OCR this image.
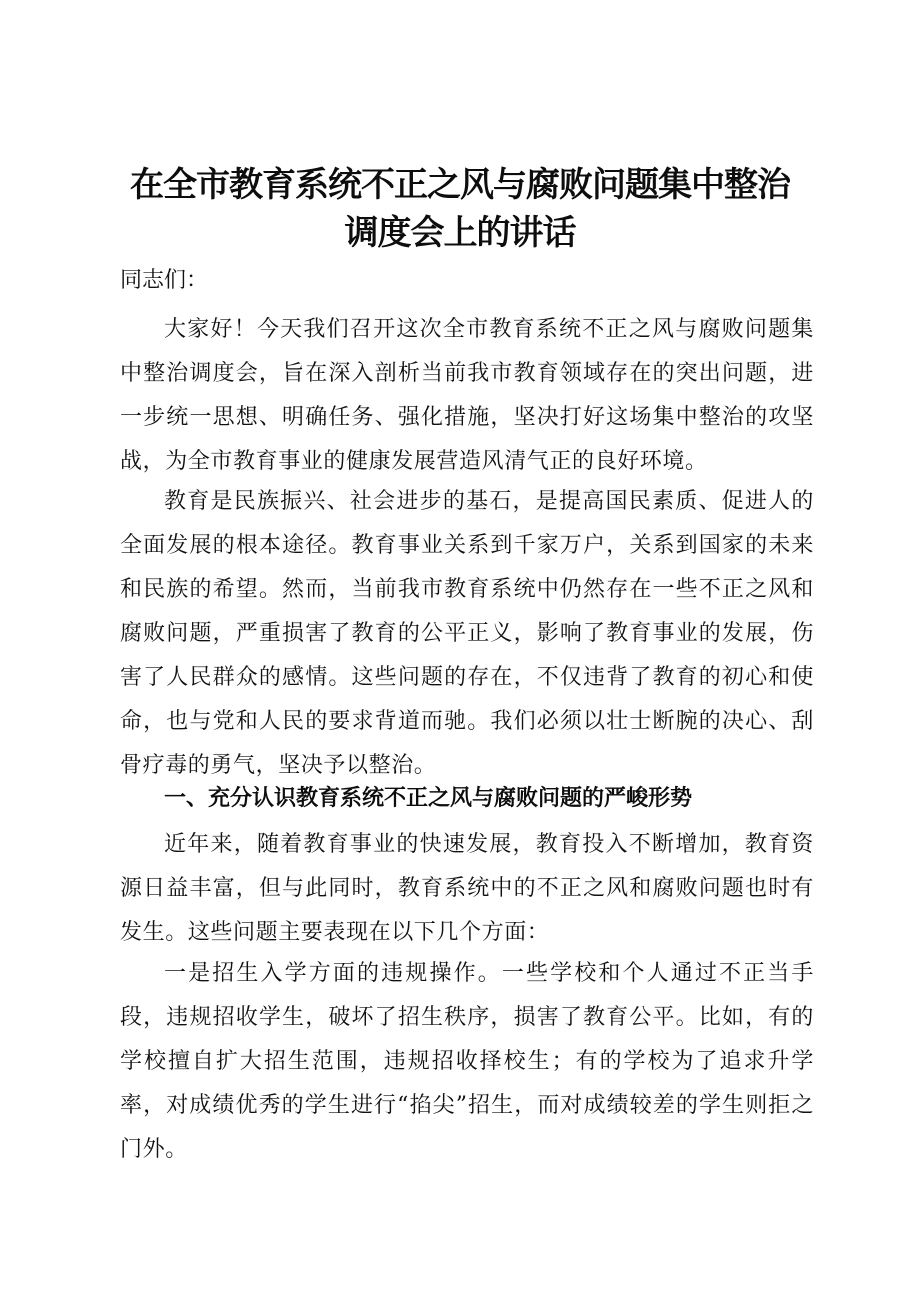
在全市教育系统不正之风与腐败问题集中整治
调度会上的讲话

同志们：

大家好！今天我们召开这次全市教育系统不正之风与腐败问题集中整治调度会，旨在深入剖析当前我市教育领域存在的突出问题，进一步统一思想、明确任务、强化措施，坚决打好这场集中整治的攻坚战，为全市教育事业的健康发展营造风清气正的良好环境。

教育是民族振兴、社会进步的基石，是提高国民素质、促进人的全面发展的根本途径。教育事业关系到千家万户，关系到国家的未来和民族的希望。然而，当前我市教育系统中仍然存在一些不正之风和腐败问题，严重损害了教育的公平正义，影响了教育事业的发展，伤害了人民群众的感情。这些问题的存在，不仅违背了教育的初心和使命，也与党和人民的要求背道而驰。我们必须以壮士断腕的决心、刮骨疗毒的勇气，坚决予以整治。

一、充分认识教育系统不正之风与腐败问题的严峻形势

近年来，随着教育事业的快速发展，教育投入不断增加，教育资源日益丰富，但与此同时，教育系统中的不正之风和腐败问题也时有发生。这些问题主要表现在以下几个方面：

一是招生入学方面的违规操作。一些学校和个人通过不正当手段，违规招收学生，破坏了招生秩序，损害了教育公平。比如，有的学校擅自扩大招生范围，违规招收择校生；有的学校为了追求升学率，对成绩优秀的学生进行“掐尖”招生，而对成绩较差的学生则拒之门外。
